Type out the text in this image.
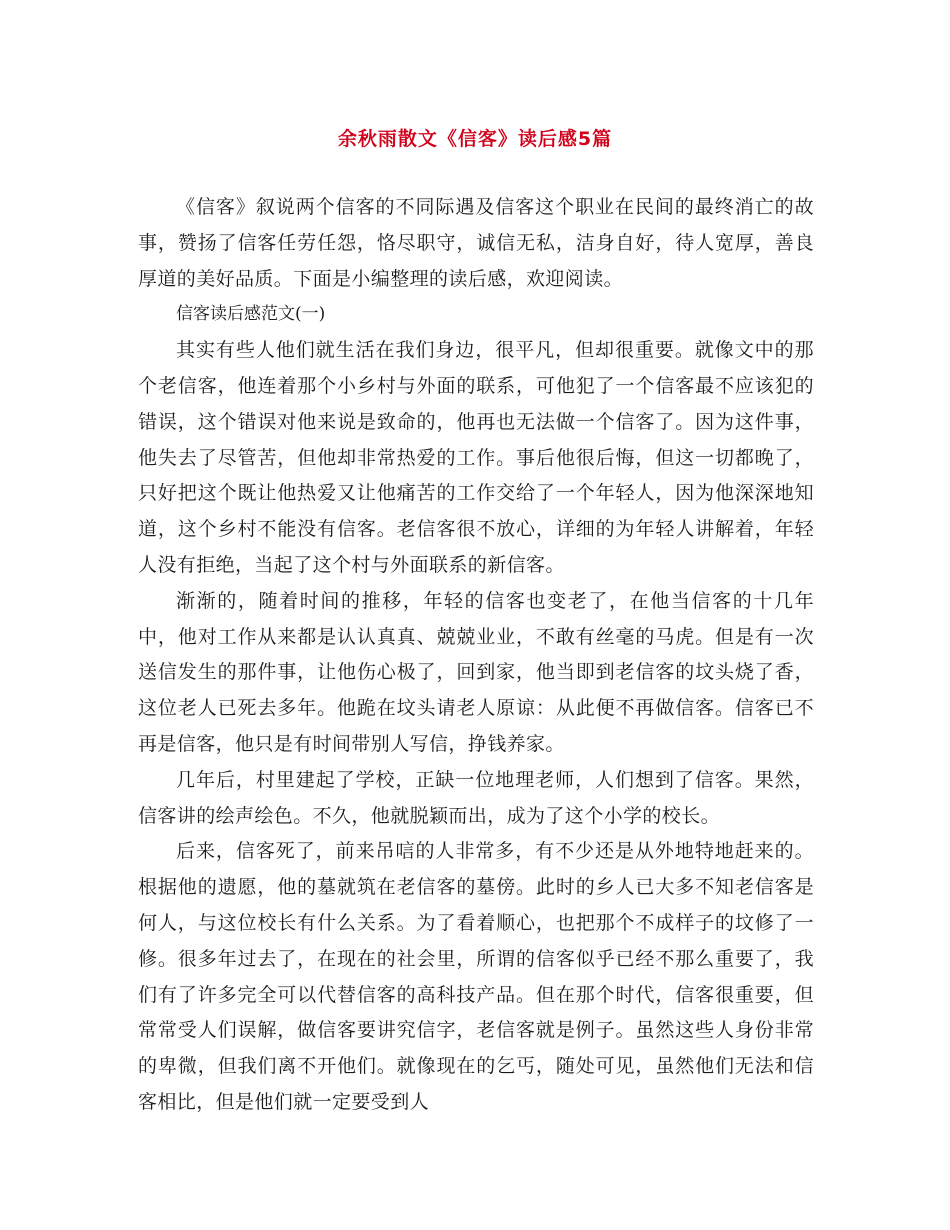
余秋雨散文《信客》读后感5篇

《信客》叙说两个信客的不同际遇及信客这个职业在民间的最终消亡的故事，赞扬了信客任劳任怨，恪尽职守，诚信无私，洁身自好，待人宽厚，善良厚道的美好品质。下面是小编整理的读后感，欢迎阅读。

信客读后感范文(一)

其实有些人他们就生活在我们身边，很平凡，但却很重要。就像文中的那个老信客，他连着那个小乡村与外面的联系，可他犯了一个信客最不应该犯的错误，这个错误对他来说是致命的，他再也无法做一个信客了。因为这件事，他失去了尽管苦，但他却非常热爱的工作。事后他很后悔，但这一切都晚了，只好把这个既让他热爱又让他痛苦的工作交给了一个年轻人，因为他深深地知道，这个乡村不能没有信客。老信客很不放心，详细的为年轻人讲解着，年轻人没有拒绝，当起了这个村与外面联系的新信客。

渐渐的，随着时间的推移，年轻的信客也变老了，在他当信客的十几年中，他对工作从来都是认认真真、兢兢业业，不敢有丝毫的马虎。但是有一次送信发生的那件事，让他伤心极了，回到家，他当即到老信客的坟头烧了香，这位老人已死去多年。他跪在坟头请老人原谅：从此便不再做信客。信客已不再是信客，他只是有时间带别人写信，挣钱养家。

几年后，村里建起了学校，正缺一位地理老师，人们想到了信客。果然，信客讲的绘声绘色。不久，他就脱颖而出，成为了这个小学的校长。

后来，信客死了，前来吊唁的人非常多，有不少还是从外地特地赶来的。根据他的遗愿，他的墓就筑在老信客的墓傍。此时的乡人已大多不知老信客是何人，与这位校长有什么关系。为了看着顺心，也把那个不成样子的坟修了一修。很多年过去了，在现在的社会里，所谓的信客似乎已经不那么重要了，我们有了许多完全可以代替信客的高科技产品。但在那个时代，信客很重要，但常常受人们误解，做信客要讲究信字，老信客就是例子。虽然这些人身份非常的卑微，但我们离不开他们。就像现在的乞丐，随处可见，虽然他们无法和信客相比，但是他们就一定要受到人
